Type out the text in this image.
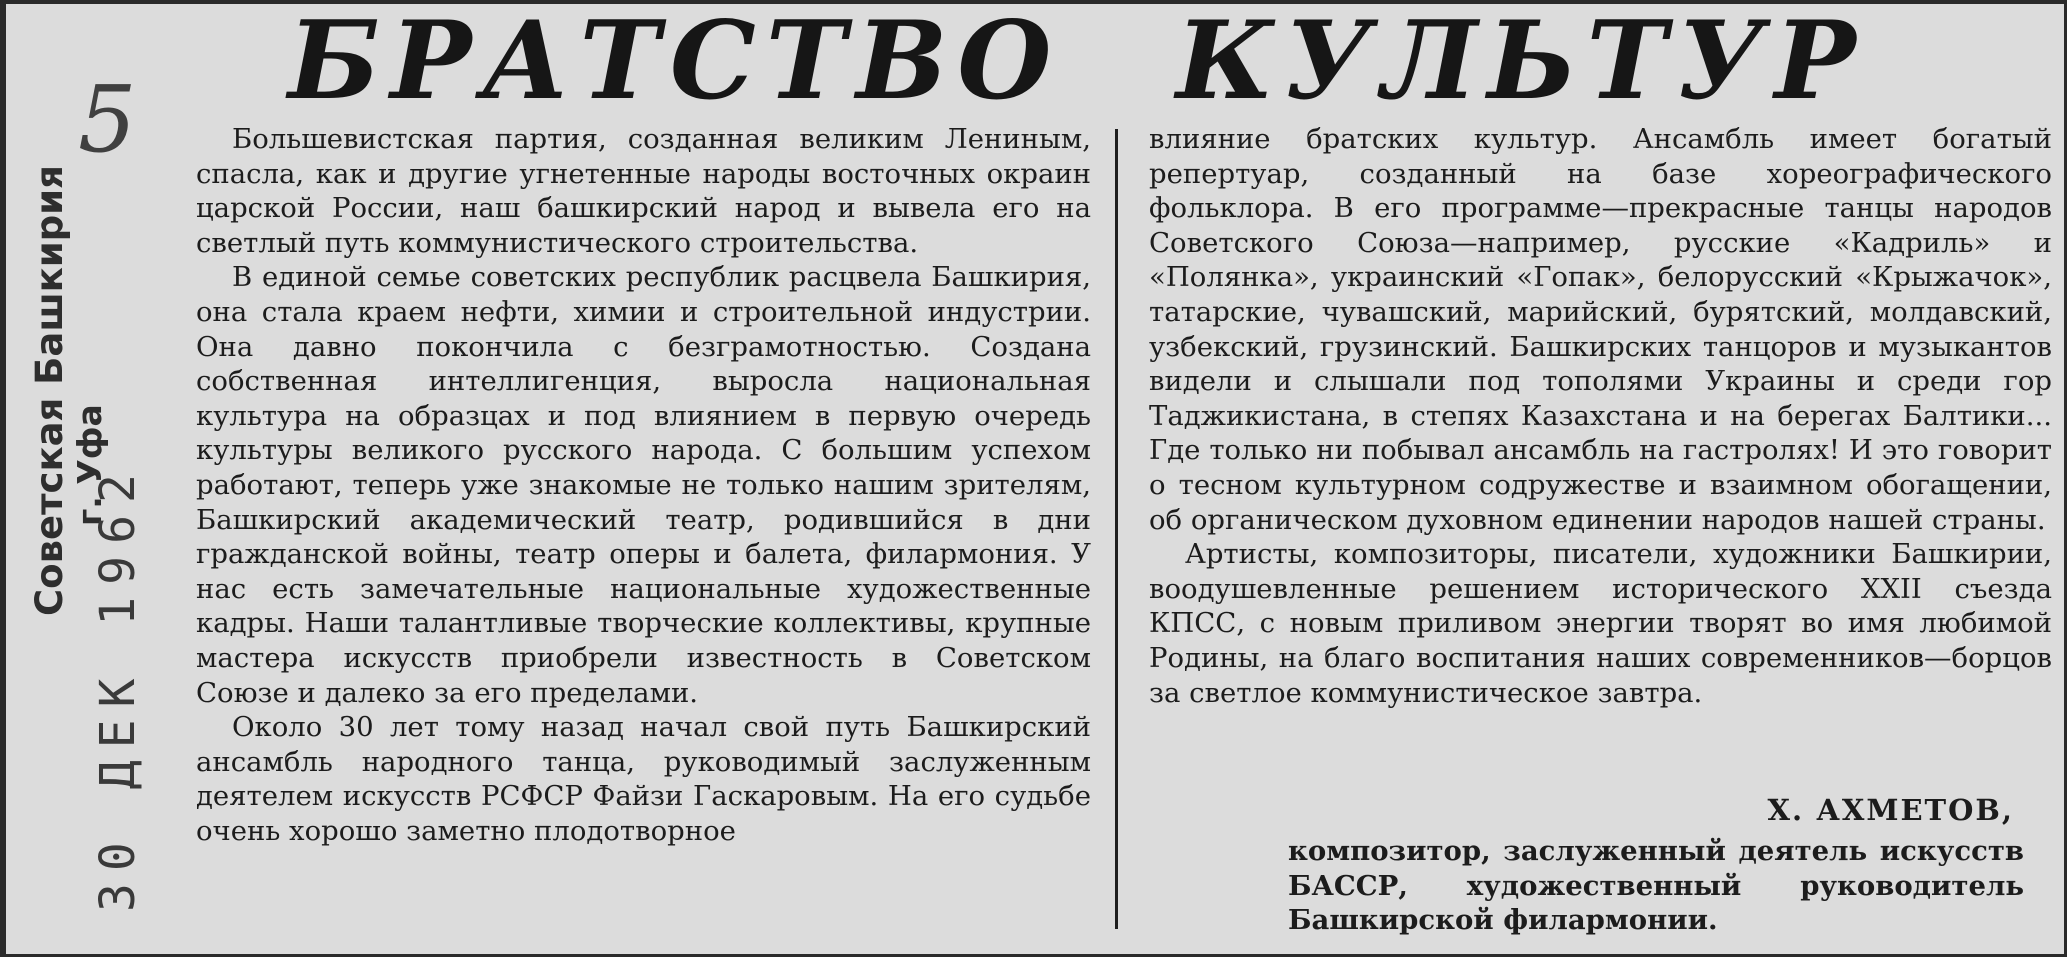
БРАТСТВО КУЛЬТУР
5
Советская Башкирия г. Уфа
30 ДЕК 1962

Большевистская партия, созданная великим Лениным, спасла, как и другие угнетенные народы восточных окраин царской России, наш башкирский народ и вывела его на светлый путь коммунистического строительства.

В единой семье советских республик расцвела Башкирия, она стала краем нефти, химии и строительной индустрии. Она давно покончила с безграмотностью. Создана собственная интеллигенция, выросла национальная культура на образцах и под влиянием в первую очередь культуры великого русского народа. С большим успехом работают, теперь уже знакомые не только нашим зрителям, Башкирский академический театр, родившийся в дни гражданской войны, театр оперы и балета, филармония. У нас есть замечательные национальные художественные кадры. Наши талантливые творческие коллективы, крупные мастера искусств приобрели известность в Советском Союзе и далеко за его пределами.

Около 30 лет тому назад начал свой путь Башкирский ансамбль народного танца, руководимый заслуженным деятелем искусств РСФСР Файзи Гаскаровым. На его судьбе очень хорошо заметно плодотворное

влияние братских культур. Ансамбль имеет богатый репертуар, созданный на базе хореографического фольклора. В его программе—прекрасные танцы народов Советского Союза—например, русские «Кадриль» и «Полянка», украинский «Гопак», белорусский «Крыжачок», татарские, чувашский, марийский, бурятский, молдавский, узбекский, грузинский. Башкирских танцоров и музыкантов видели и слышали под тополями Украины и среди гор Таджикистана, в степях Казахстана и на берегах Балтики... Где только ни побывал ансамбль на гастролях! И это говорит о тесном культурном содружестве и взаимном обогащении, об органическом духовном единении народов нашей страны.

Артисты, композиторы, писатели, художники Башкирии, воодушевленные решением исторического XXII съезда КПСС, с новым приливом энергии творят во имя любимой Родины, на благо воспитания наших современников—борцов за светлое коммунистическое завтра.

Х. АХМЕТОВ,
композитор, заслуженный деятель искусств БАССР, художественный руководитель Башкирской филармонии.
